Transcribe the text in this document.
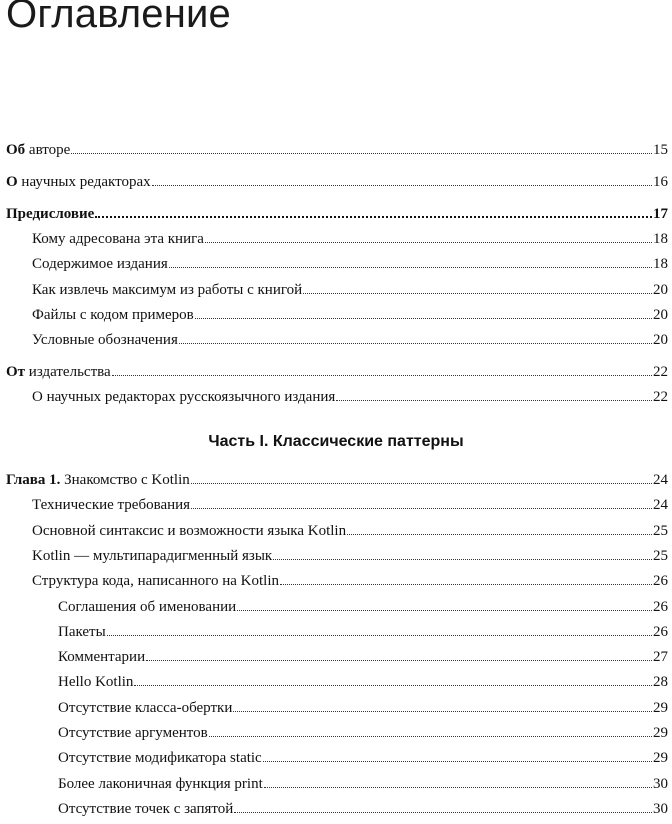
Оглавление
Об авторе	15
О научных редакторах	16
Предисловие	17
Кому адресована эта книга	18
Содержимое издания	18
Как извлечь максимум из работы с книгой	20
Файлы с кодом примеров	20
Условные обозначения	20
От издательства	22
О научных редакторах русскоязычного издания	22
Глава 1. Знакомство с Kotlin	24
Технические требования	24
Основной синтаксис и возможности языка Kotlin	25
Kotlin — мультипарадигменный язык	25
Структура кода, написанного на Kotlin	26
Соглашения об именовании	26
Пакеты	26
Комментарии	27
Hello Kotlin	28
Отсутствие класса-обертки	29
Отсутствие аргументов	29
Отсутствие модификатора static	29
Более лаконичная функция print	30
Отсутствие точек с запятой	30
Часть I. Классические паттерны
